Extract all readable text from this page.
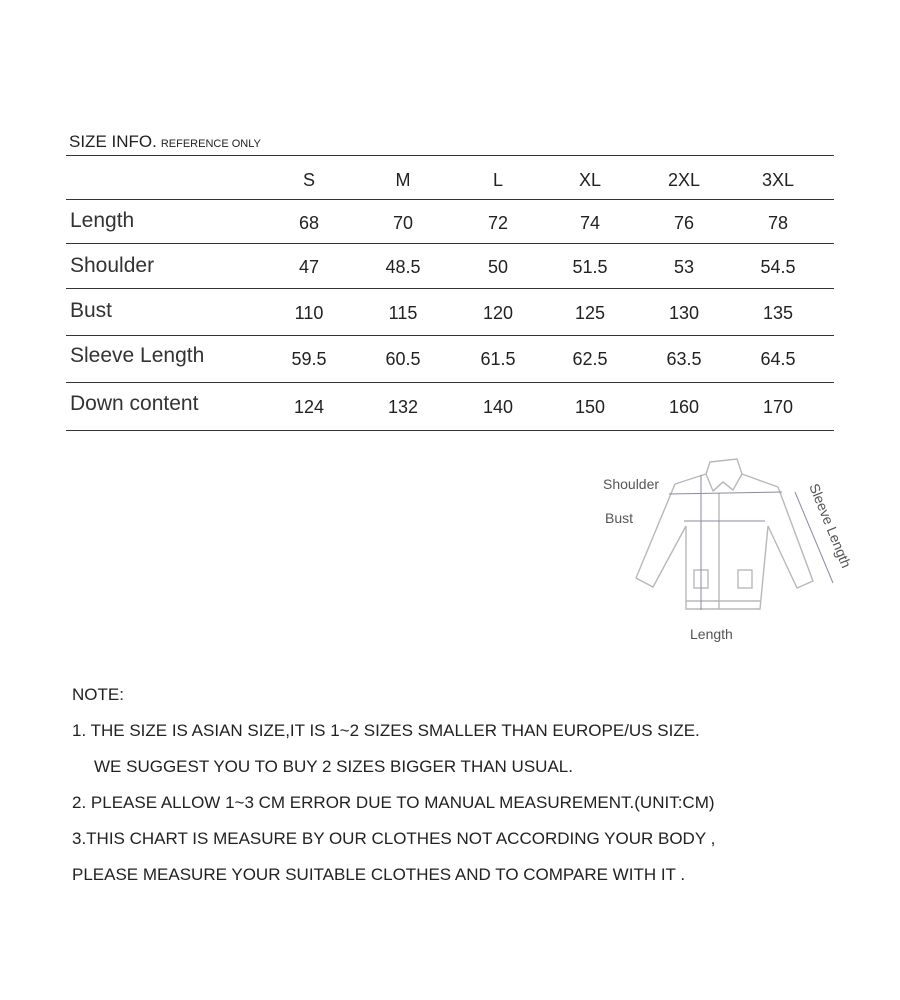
SIZE INFO. REFERENCE ONLY
S	M	L	XL	2XL	3XL
Length	68	70	72	74	76	78
Shoulder	47	48.5	50	51.5	53	54.5
Bust	110	115	120	125	130	135
Sleeve Length	59.5	60.5	61.5	62.5	63.5	64.5
Down content	124	132	140	150	160	170
Shoulder
Bust
Length
Sleeve Length
NOTE:
1. THE SIZE IS ASIAN SIZE,IT IS 1~2 SIZES SMALLER THAN EUROPE/US SIZE.
WE SUGGEST YOU TO BUY 2 SIZES BIGGER THAN USUAL.
2. PLEASE ALLOW 1~3 CM ERROR DUE TO MANUAL MEASUREMENT.(UNIT:CM)
3.THIS CHART IS MEASURE BY OUR CLOTHES NOT ACCORDING YOUR BODY ,
PLEASE MEASURE YOUR SUITABLE CLOTHES AND TO COMPARE WITH IT .
